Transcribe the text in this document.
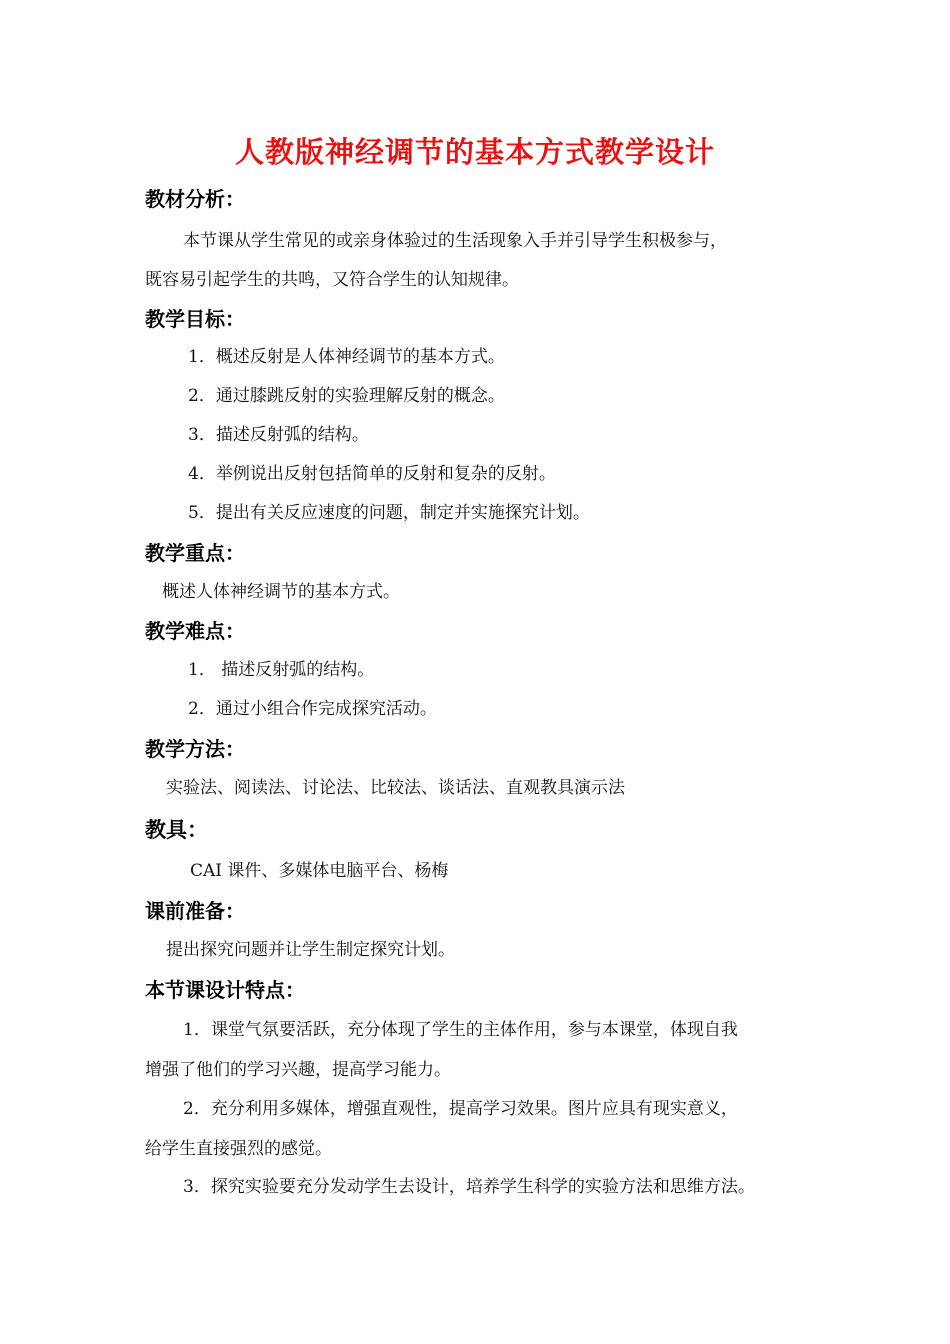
人教版神经调节的基本方式教学设计
教材分析：
本节课从学生常见的或亲身体验过的生活现象入手并引导学生积极参与，
既容易引起学生的共鸣，又符合学生的认知规律。
教学目标：
1．概述反射是人体神经调节的基本方式。
2．通过膝跳反射的实验理解反射的概念。
3．描述反射弧的结构。
4．举例说出反射包括简单的反射和复杂的反射。
5．提出有关反应速度的问题，制定并实施探究计划。
教学重点：
概述人体神经调节的基本方式。
教学难点：
1． 描述反射弧的结构。
2．通过小组合作完成探究活动。
教学方法：
实验法、阅读法、讨论法、比较法、谈话法、直观教具演示法
教具：
CAI 课件、多媒体电脑平台、杨梅
课前准备：
提出探究问题并让学生制定探究计划。
本节课设计特点：
1．课堂气氛要活跃，充分体现了学生的主体作用，参与本课堂，体现自我
增强了他们的学习兴趣，提高学习能力。
2．充分利用多媒体，增强直观性，提高学习效果。图片应具有现实意义，
给学生直接强烈的感觉。
3．探究实验要充分发动学生去设计，培养学生科学的实验方法和思维方法。
